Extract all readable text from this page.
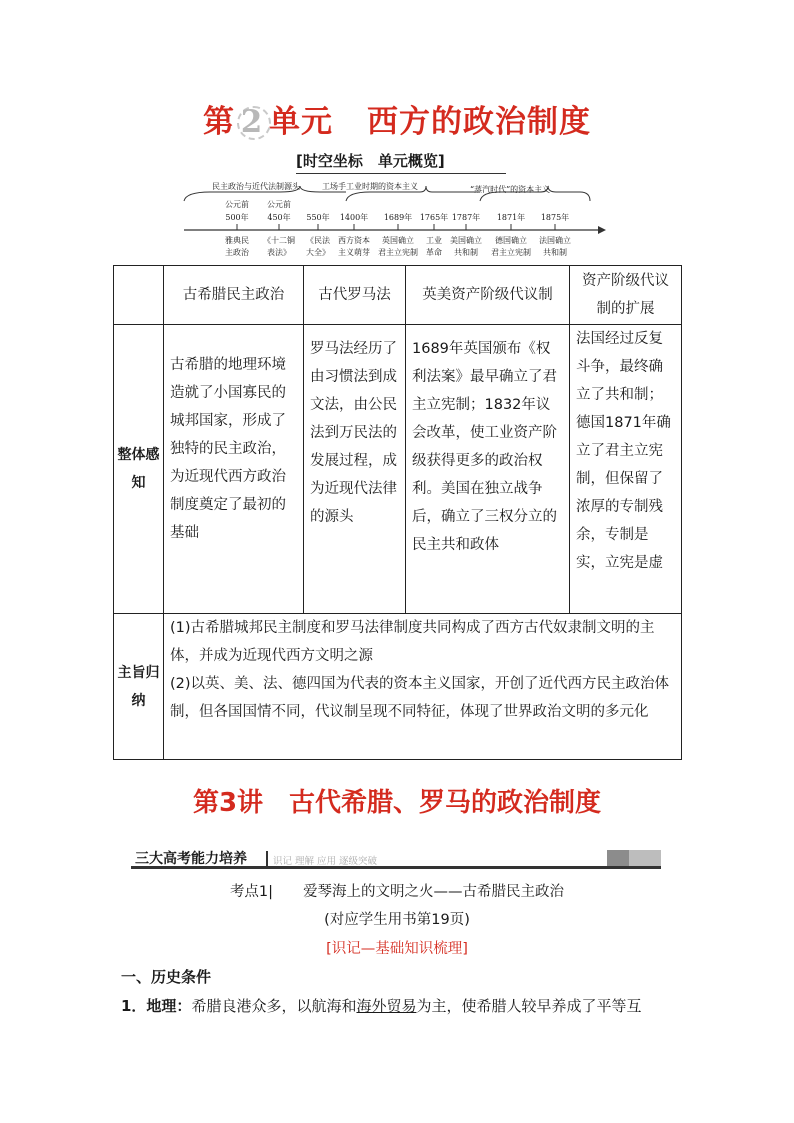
第 2 单元 西方的政治制度
[时空坐标　单元概览]
民主政治与近代法制源头	工场手工业时期的资本主义	“蒸汽时代”的资本主义
公元前
500年
雅典民
主政治
公元前
450年
《十二铜
表法》
550年
《民法
大全》
1400年
西方资本
主义萌芽
1689年
英国确立
君主立宪制
1765年
工业
革命
1787年
美国确立
共和制
1871年
德国确立
君主立宪制
1875年
法国确立
共和制
	古希腊民主政治	古代罗马法	英美资产阶级代议制	资产阶级代议制的扩展
整体感知	古希腊的地理环境造就了小国寡民的城邦国家，形成了独特的民主政治，为近现代西方政治制度奠定了最初的基础	罗马法经历了由习惯法到成文法，由公民法到万民法的发展过程，成为近现代法律的源头	1689年英国颁布《权利法案》最早确立了君主立宪制；1832年议会改革，使工业资产阶级获得更多的政治权利。美国在独立战争后，确立了三权分立的民主共和政体	法国经过反复斗争，最终确立了共和制；德国1871年确立了君主立宪制，但保留了浓厚的专制残余，专制是实，立宪是虚
主旨归纳	(1)古希腊城邦民主制度和罗马法律制度共同构成了西方古代奴隶制文明的主体，并成为近现代西方文明之源
(2)以英、美、法、德四国为代表的资本主义国家，开创了近代西方民主政治体制，但各国国情不同，代议制呈现不同特征，体现了世界政治文明的多元化			
第3讲　古代希腊、罗马的政治制度
三大高考能力培养	识记 理解 应用 逐级突破
考点1| 爱琴海上的文明之火——古希腊民主政治
(对应学生用书第19页)
[识记—基础知识梳理]
一、历史条件
1．地理：希腊良港众多，以航海和海外贸易为主，使希腊人较早养成了平等互
